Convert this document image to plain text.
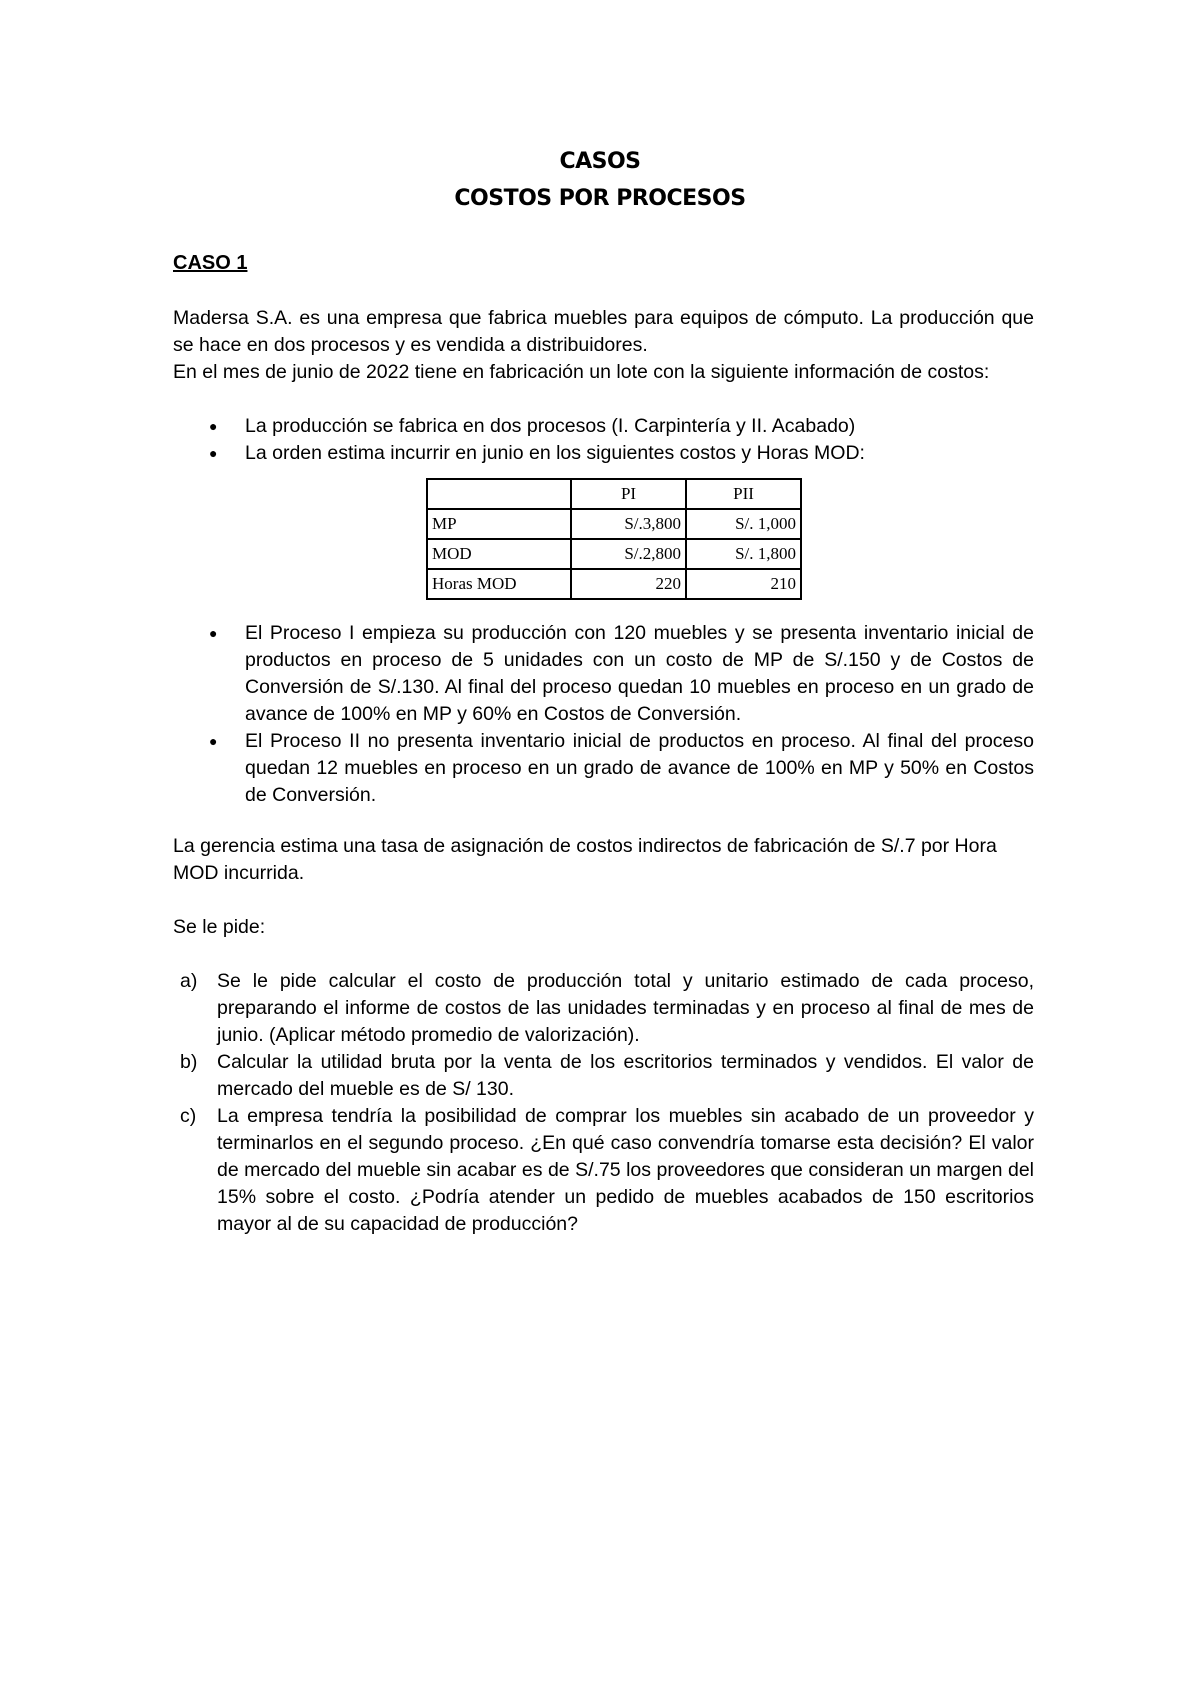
CASOS
COSTOS POR PROCESOS
CASO 1

Madersa S.A. es una empresa que fabrica muebles para equipos de cómputo. La producción que se hace en dos procesos y es vendida a distribuidores.

En el mes de junio de 2022 tiene en fabricación un lote con la siguiente información de costos:

● La producción se fabrica en dos procesos (I. Carpintería y II. Acabado)
● La orden estima incurrir en junio en los siguientes costos y Horas MOD:
	PI	PII
MP	S/.3,800	S/. 1,000
MOD	S/.2,800	S/. 1,800
Horas MOD	220	210
● El Proceso I empieza su producción con 120 muebles y se presenta inventario inicial de productos en proceso de 5 unidades con un costo de MP de S/.150 y de Costos de Conversión de S/.130. Al final del proceso quedan 10 muebles en proceso en un grado de avance de 100% en MP y 60% en Costos de Conversión.
● El Proceso II no presenta inventario inicial de productos en proceso. Al final del proceso quedan 12 muebles en proceso en un grado de avance de 100% en MP y 50% en Costos de Conversión.

La gerencia estima una tasa de asignación de costos indirectos de fabricación de S/.7 por Hora MOD incurrida.

Se le pide:

a) Se le pide calcular el costo de producción total y unitario estimado de cada proceso, preparando el informe de costos de las unidades terminadas y en proceso al final de mes de junio. (Aplicar método promedio de valorización).
b) Calcular la utilidad bruta por la venta de los escritorios terminados y vendidos. El valor de mercado del mueble es de S/ 130.
c) La empresa tendría la posibilidad de comprar los muebles sin acabado de un proveedor y terminarlos en el segundo proceso. ¿En qué caso convendría tomarse esta decisión? El valor de mercado del mueble sin acabar es de S/.75 los proveedores que consideran un margen del 15% sobre el costo. ¿Podría atender un pedido de muebles acabados de 150 escritorios mayor al de su capacidad de producción?
